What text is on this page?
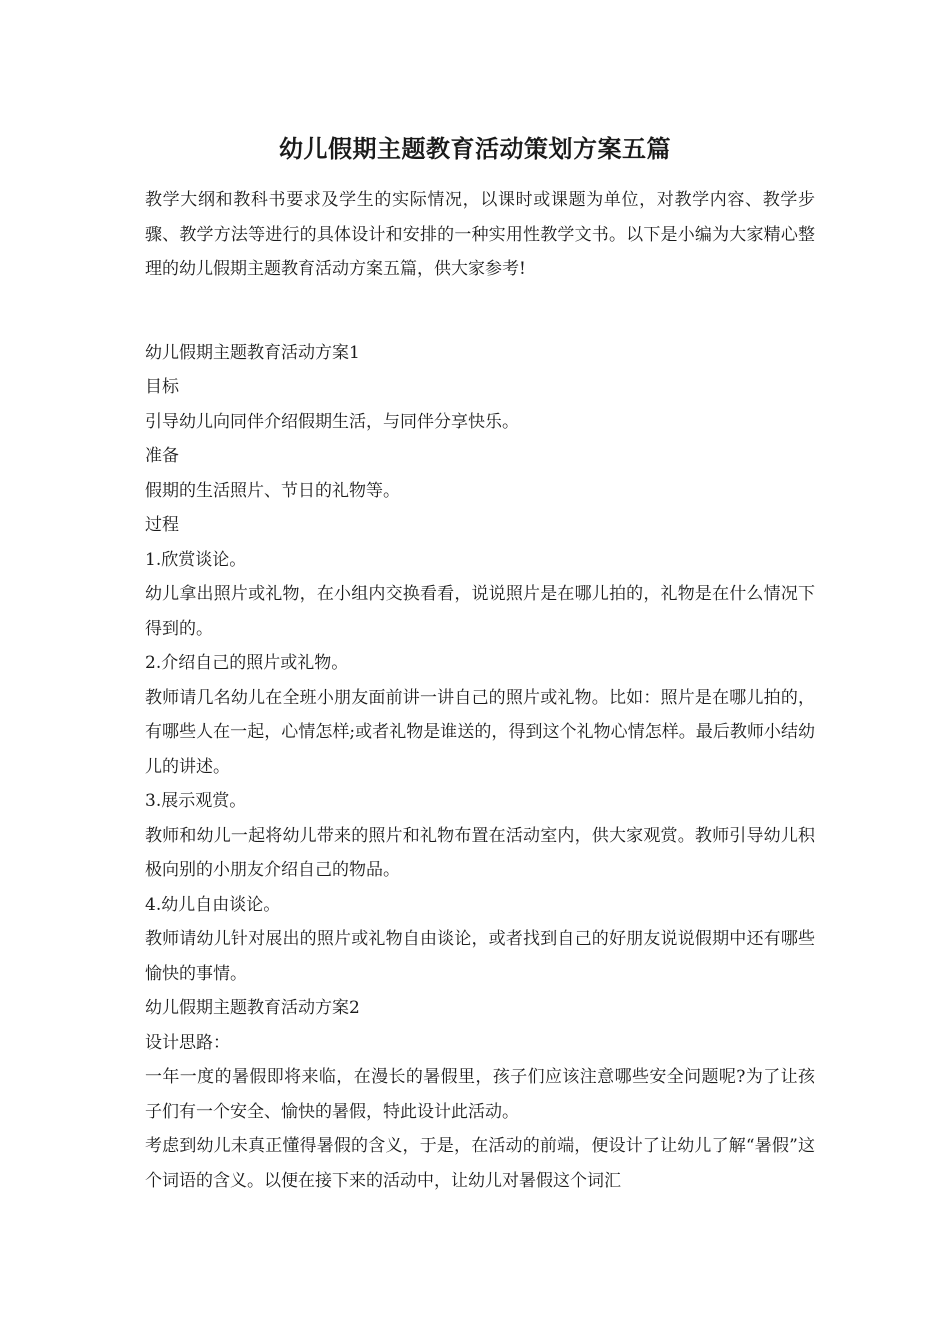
幼儿假期主题教育活动策划方案五篇

教学大纲和教科书要求及学生的实际情况，以课时或课题为单位，对教学内容、教学步骤、教学方法等进行的具体设计和安排的一种实用性教学文书。以下是小编为大家精心整理的幼儿假期主题教育活动方案五篇，供大家参考!

幼儿假期主题教育活动方案1

目标

引导幼儿向同伴介绍假期生活，与同伴分享快乐。

准备

假期的生活照片、节日的礼物等。

过程

1.欣赏谈论。

幼儿拿出照片或礼物，在小组内交换看看，说说照片是在哪儿拍的，礼物是在什么情况下得到的。

2.介绍自己的照片或礼物。

教师请几名幼儿在全班小朋友面前讲一讲自己的照片或礼物。比如：照片是在哪儿拍的，有哪些人在一起，心情怎样;或者礼物是谁送的，得到这个礼物心情怎样。最后教师小结幼儿的讲述。

3.展示观赏。

教师和幼儿一起将幼儿带来的照片和礼物布置在活动室内，供大家观赏。教师引导幼儿积极向别的小朋友介绍自己的物品。

4.幼儿自由谈论。

教师请幼儿针对展出的照片或礼物自由谈论，或者找到自己的好朋友说说假期中还有哪些愉快的事情。

幼儿假期主题教育活动方案2

设计思路：

一年一度的暑假即将来临，在漫长的暑假里，孩子们应该注意哪些安全问题呢?为了让孩子们有一个安全、愉快的暑假，特此设计此活动。

考虑到幼儿未真正懂得暑假的含义，于是，在活动的前端，便设计了让幼儿了解“暑假”这个词语的含义。以便在接下来的活动中，让幼儿对暑假这个词汇
